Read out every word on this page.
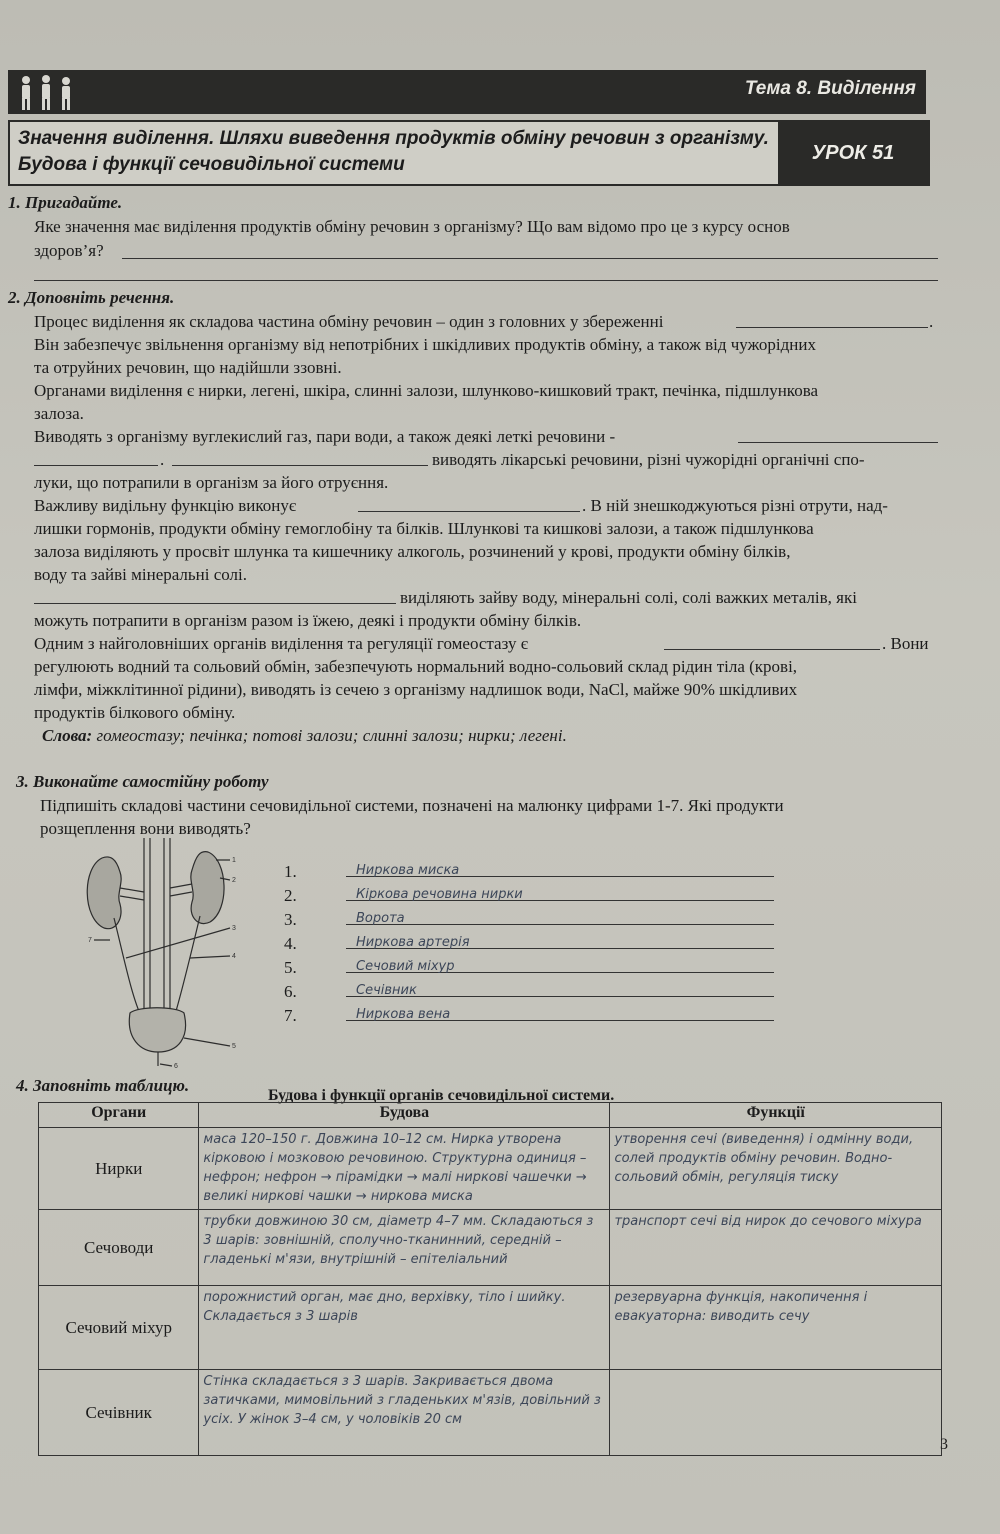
Тема 8. Виділення
Значення виділення. Шляхи виведення продуктів обміну речовин з організму.
Будова і функції сечовидільної системи
УРОК 51
1. Пригадайте.
Яке значення має виділення продуктів обміну речовин з організму? Що вам відомо про це з курсу основ
здоров’я?
2. Доповніть речення.
Процес виділення як складова частина обміну речовин – один з головних у збереженні	.
Він забезпечує звільнення організму від непотрібних і шкідливих продуктів обміну, а також від чужорідних
та отруйних речовин, що надійшли ззовні.
Органами виділення є нирки, легені, шкіра, слинні залози, шлунково-кишковий тракт, печінка, підшлункова
залоза.
Виводять з організму вуглекислий газ, пари води, а також деякі леткі речовини -
.	виводять лікарські речовини, різні чужорідні органічні спо-
луки, що потрапили в організм за його отруєння.
Важливу видільну функцію виконує	. В ній знешкоджуються різні отрути, над-
лишки гормонів, продукти обміну гемоглобіну та білків. Шлункові та кишкові залози, а також підшлункова
залоза виділяють у просвіт шлунка та кишечнику алкоголь, розчинений у крові, продукти обміну білків,
воду та зайві мінеральні солі.
виділяють зайву воду, мінеральні солі, солі важких металів, які
можуть потрапити в організм разом із їжею, деякі і продукти обміну білків.
Одним з найголовніших органів виділення та регуляції гомеостазу є	. Вони
регулюють водний та сольовий обмін, забезпечують нормальний водно-сольовий склад рідин тіла (крові,
лімфи, міжклітинної рідини), виводять із сечею з організму надлишок води, NaCl, майже 90% шкідливих
продуктів білкового обміну.
Слова: гомеостазу; печінка; потові залози; слинні залози; нирки; легені.
3. Виконайте самостійну роботу
Підпишіть складові частини сечовидільної системи, позначені на малюнку цифрами 1-7. Які продукти
розщеплення вони виводять?
1
2
3
4
7
5
6
1.	Ниркова миска
2.	Кіркова речовина нирки
3.	Ворота
4.	Ниркова артерія
5.	Сечовий міхур
6.	Сечівник
7.	Ниркова вена
4. Заповніть таблицю.
Будова і функції органів сечовидільної системи.
Органи	Будова	Функції
Нирки	маса 120–150 г. Довжина 10–12 см. Нирка утворена кірковою і мозковою речовиною. Структурна одиниця – нефрон; нефрон → пірамідки → малі ниркові чашечки → великі ниркові чашки → ниркова миска	утворення сечі (виведення) і одмінну води, солей продуктів обміну речовин. Водно-сольовий обмін, регуляція тиску
Сечоводи	трубки довжиною 30 см, діаметр 4–7 мм. Складаються з 3 шарів: зовнішній, сполучно-тканинний, середній – гладенькі м'язи, внутрішній – епітеліальний	транспорт сечі від нирок до сечового міхура
Сечовий міхур	порожнистий орган, має дно, верхівку, тіло і шийку. Складається з 3 шарів	резервуарна функція, накопичення і евакуаторна: виводить сечу
Сечівник	Стінка складається з 3 шарів. Закривається двома затичками, мимовільний з гладеньких м'язів, довільний з усіх. У жінок 3–4 см, у чоловіків 20 см	
3
